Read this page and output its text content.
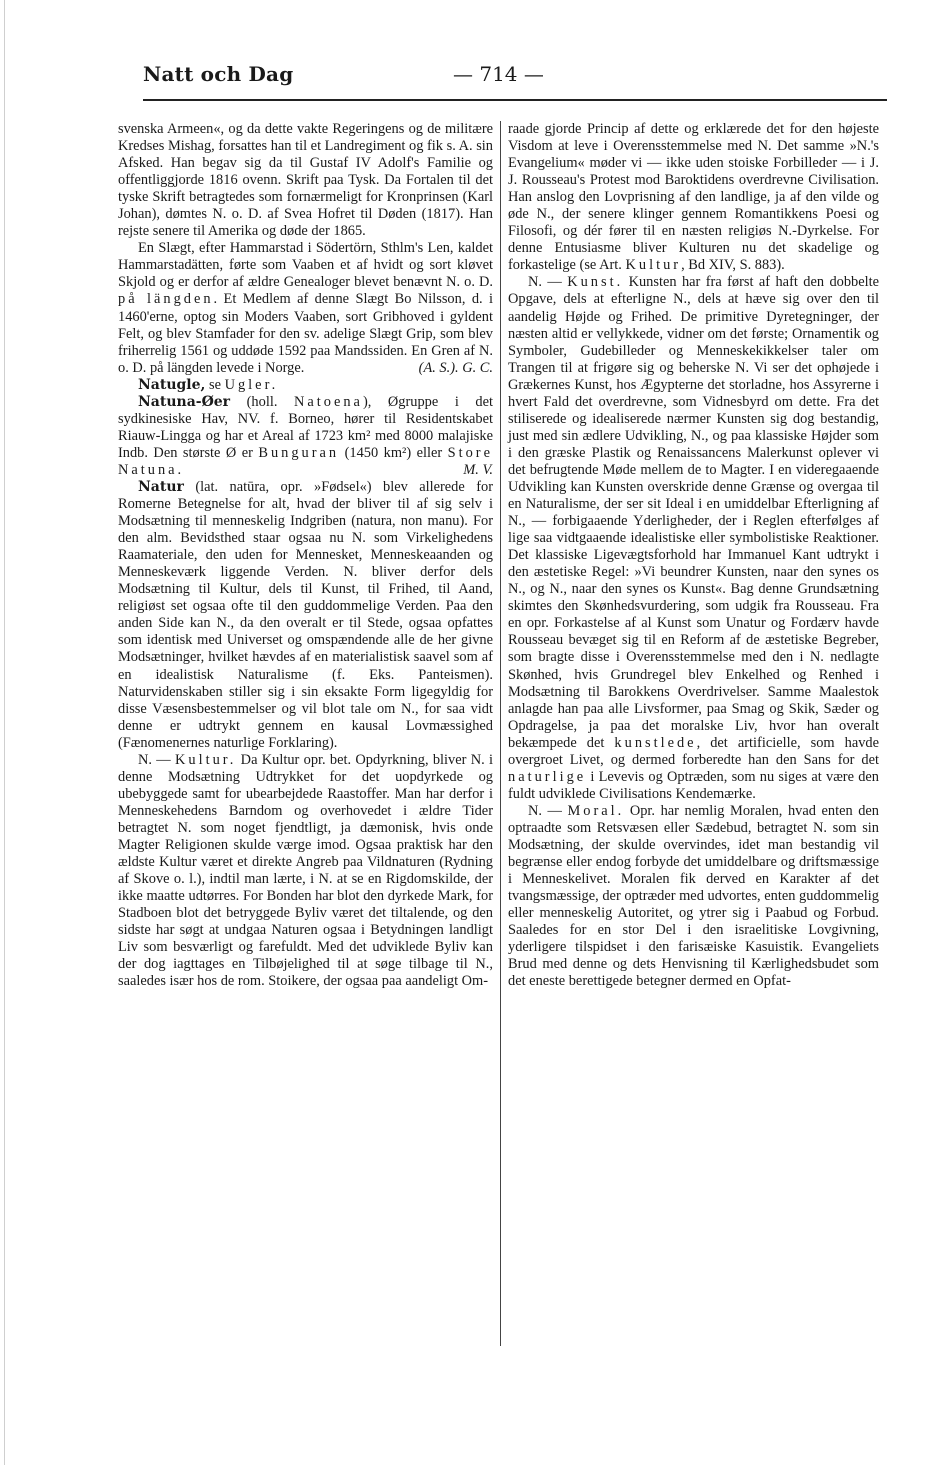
Natt och Dag	— 714 —

svenska Armeen«, og da dette vakte Regeringens og de militære Kredses Mishag, forsattes han til et Landregiment og fik s. A. sin Afsked. Han begav sig da til Gustaf IV Adolf's Familie og offentliggjorde 1816 ovenn. Skrift paa Tysk. Da Fortalen til det tyske Skrift betragtedes som fornærmeligt for Kronprinsen (Karl Johan), dømtes N. o. D. af Svea Hofret til Døden (1817). Han rejste senere til Amerika og døde der 1865.

En Slægt, efter Hammarstad i Södertörn, Sthlm's Len, kaldet Hammarstadätten, førte som Vaaben et af hvidt og sort kløvet Skjold og er derfor af ældre Genealoger blevet benævnt N. o. D. på längden. Et Medlem af denne Slægt Bo Nilsson, d. i 1460'erne, optog sin Moders Vaaben, sort Gribhoved i gyldent Felt, og blev Stamfader for den sv. adelige Slægt Grip, som blev friherrelig 1561 og uddøde 1592 paa Mandssiden. En Gren af N. o. D. på längden levede i Norge.	(A. S.). G. C.

Natugle, se Ugler.

Natuna-Øer (holl. Natoena), Øgruppe i det sydkinesiske Hav, NV. f. Borneo, hører til Residentskabet Riauw-Lingga og har et Areal af 1723 km² med 8000 malajiske Indb. Den største Ø er Bunguran (1450 km²) eller Store Natuna.	M. V.

Natur (lat. natūra, opr. »Fødsel«) blev allerede for Romerne Betegnelse for alt, hvad der bliver til af sig selv i Modsætning til menneskelig Indgriben (natura, non manu). For den alm. Bevidsthed staar ogsaa nu N. som Virkelighedens Raamateriale, den uden for Mennesket, Menneskeaanden og Menneskeværk liggende Verden. N. bliver derfor dels Modsætning til Kultur, dels til Kunst, til Frihed, til Aand, religiøst set ogsaa ofte til den guddommelige Verden. Paa den anden Side kan N., da den overalt er til Stede, ogsaa opfattes som identisk med Universet og omspændende alle de her givne Modsætninger, hvilket hævdes af en materialistisk saavel som af en idealistisk Naturalisme (f. Eks. Panteismen). Naturvidenskaben stiller sig i sin eksakte Form ligegyldig for disse Væsensbestemmelser og vil blot tale om N., for saa vidt denne er udtrykt gennem en kausal Lovmæssighed (Fænomenernes naturlige Forklaring).

N. — Kultur. Da Kultur opr. bet. Opdyrkning, bliver N. i denne Modsætning Udtrykket for det uopdyrkede og ubebyggede samt for ubearbejdede Raastoffer. Man har derfor i Menneskehedens Barndom og overhovedet i ældre Tider betragtet N. som noget fjendtligt, ja dæmonisk, hvis onde Magter Religionen skulde værge imod. Ogsaa praktisk har den ældste Kultur været et direkte Angreb paa Vildnaturen (Rydning af Skove o. l.), indtil man lærte, i N. at se en Rigdomskilde, der ikke maatte udtørres. For Bonden har blot den dyrkede Mark, for Stadboen blot det betryggede Byliv været det tiltalende, og den sidste har søgt at undgaa Naturen ogsaa i Betydningen landligt Liv som besværligt og farefuldt. Med det udviklede Byliv kan der dog iagttages en Tilbøjelighed til at søge tilbage til N., saaledes især hos de rom. Stoikere, der ogsaa paa aandeligt Om-

raade gjorde Princip af dette og erklærede det for den højeste Visdom at leve i Overensstemmelse med N. Det samme »N.'s Evangelium« møder vi — ikke uden stoiske Forbilleder — i J. J. Rousseau's Protest mod Baroktidens overdrevne Civilisation. Han anslog den Lovprisning af den landlige, ja af den vilde og øde N., der senere klinger gennem Romantikkens Poesi og Filosofi, og dér fører til en næsten religiøs N.-Dyrkelse. For denne Entusiasme bliver Kulturen nu det skadelige og forkastelige (se Art. Kultur, Bd XIV, S. 883).

N. — Kunst. Kunsten har fra først af haft den dobbelte Opgave, dels at efterligne N., dels at hæve sig over den til aandelig Højde og Frihed. De primitive Dyretegninger, der næsten altid er vellykkede, vidner om det første; Ornamentik og Symboler, Gudebilleder og Menneskekikkelser taler om Trangen til at frigøre sig og beherske N. Vi ser det ophøjede i Grækernes Kunst, hos Ægypterne det storladne, hos Assyrerne i hvert Fald det overdrevne, som Vidnesbyrd om dette. Fra det stiliserede og idealiserede nærmer Kunsten sig dog bestandig, just med sin ædlere Udvikling, N., og paa klassiske Højder som i den græske Plastik og Renaissancens Malerkunst oplever vi det befrugtende Møde mellem de to Magter. I en videregaaende Udvikling kan Kunsten overskride denne Grænse og overgaa til en Naturalisme, der ser sit Ideal i en umiddelbar Efterligning af N., — forbigaaende Yderligheder, der i Reglen efterfølges af lige saa vidtgaaende idealistiske eller symbolistiske Reaktioner. Det klassiske Ligevægtsforhold har Immanuel Kant udtrykt i den æstetiske Regel: »Vi beundrer Kunsten, naar den synes os N., og N., naar den synes os Kunst«. Bag denne Grundsætning skimtes den Skønhedsvurdering, som udgik fra Rousseau. Fra en opr. Forkastelse af al Kunst som Unatur og Fordærv havde Rousseau bevæget sig til en Reform af de æstetiske Begreber, som bragte disse i Overensstemmelse med den i N. nedlagte Skønhed, hvis Grundregel blev Enkelhed og Renhed i Modsætning til Barokkens Overdrivelser. Samme Maalestok anlagde han paa alle Livsformer, paa Smag og Skik, Sæder og Opdragelse, ja paa det moralske Liv, hvor han overalt bekæmpede det kunstlede, det artificielle, som havde overgroet Livet, og dermed forberedte han den Sans for det naturlige i Levevis og Optræden, som nu siges at være den fuldt udviklede Civilisations Kendemærke.

N. — Moral. Opr. har nemlig Moralen, hvad enten den optraadte som Retsvæsen eller Sædebud, betragtet N. som sin Modsætning, der skulde overvindes, idet man bestandig vil begrænse eller endog forbyde det umiddelbare og driftsmæssige i Menneskelivet. Moralen fik derved en Karakter af det tvangsmæssige, der optræder med udvortes, enten guddommelig eller menneskelig Autoritet, og ytrer sig i Paabud og Forbud. Saaledes for en stor Del i den israelitiske Lovgivning, yderligere tilspidset i den farisæiske Kasuistik. Evangeliets Brud med denne og dets Henvisning til Kærlighedsbudet som det eneste berettigede betegner dermed en Opfat-
